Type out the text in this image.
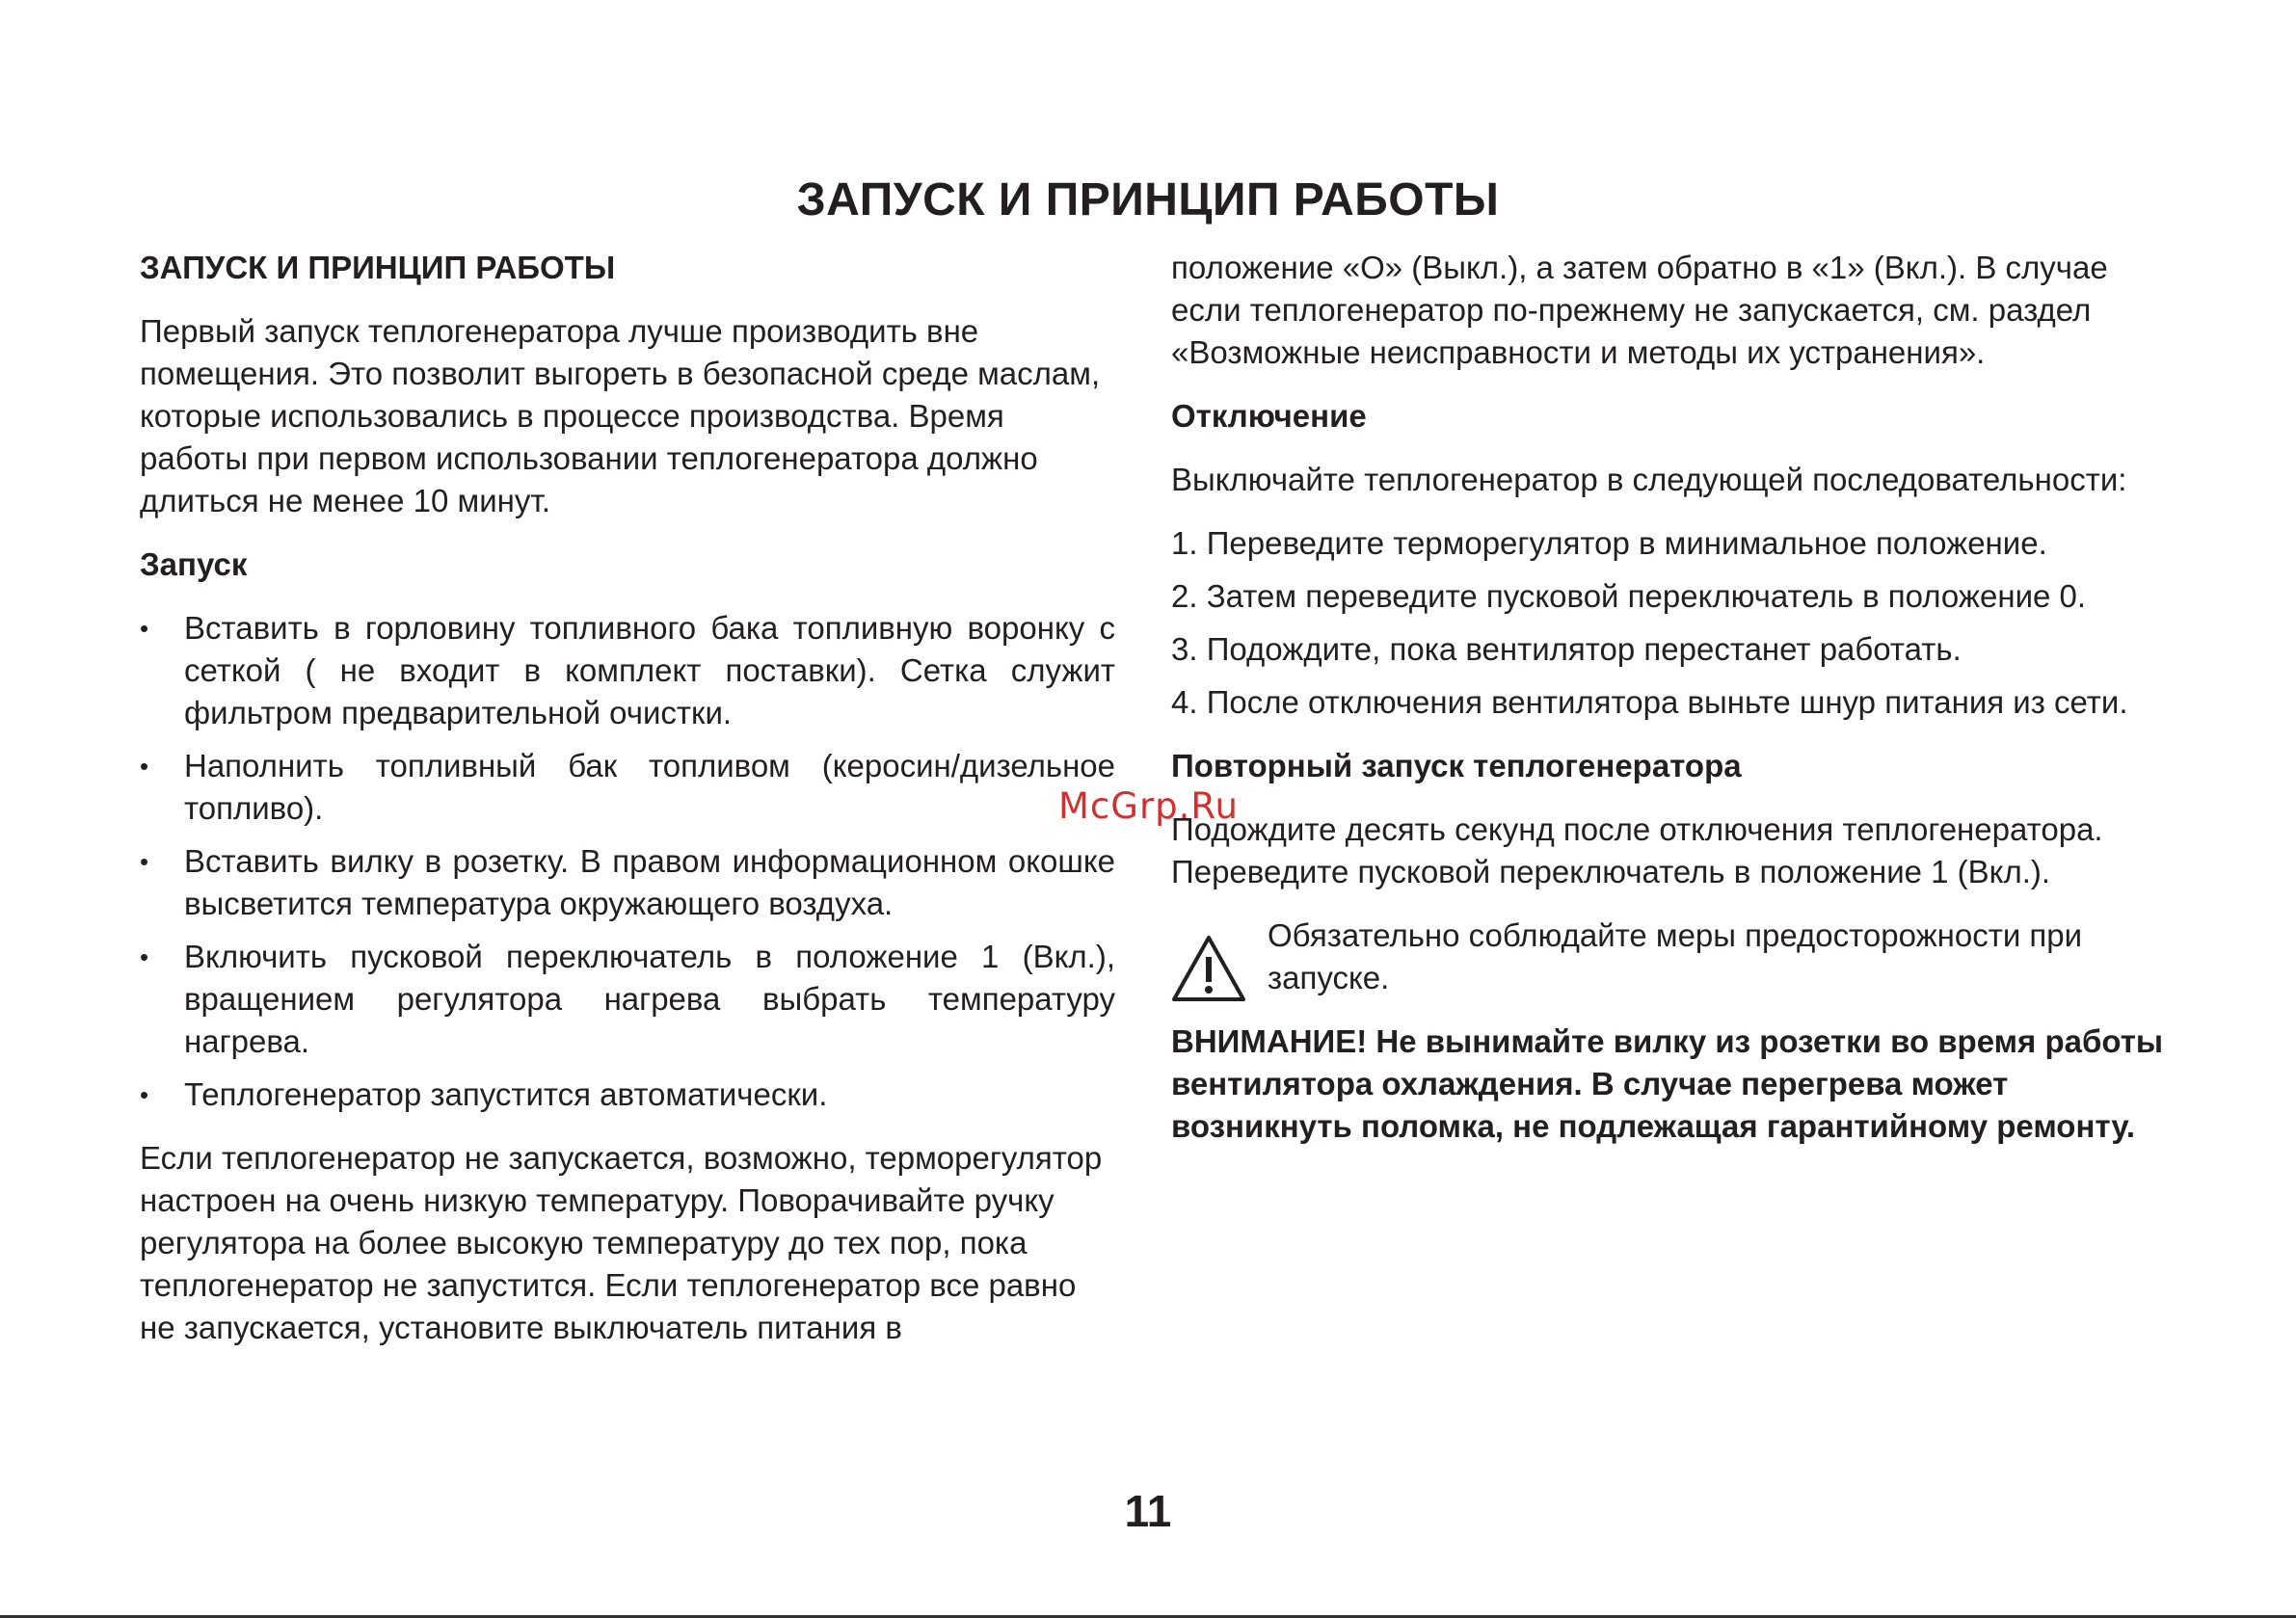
ЗАПУСК И ПРИНЦИП РАБОТЫ
ЗАПУСК И ПРИНЦИП РАБОТЫ

Первый запуск теплогенератора лучше производить вне помещения. Это позволит выгореть в безопасной среде маслам, которые использовались в процессе производства. Время работы при первом использовании теплогенератора должно длиться не менее 10 минут.

Запуск
• Вставить в горловину топливного бака топливную воронку с сеткой ( не входит в комплект поставки). Сетка служит фильтром предварительной очистки.
• Наполнить топливный бак топливом (керосин/дизельное топливо).
• Вставить вилку в розетку. В правом информационном окошке высветится температура окружающего воздуха.
• Включить пусковой переключатель в положение 1 (Вкл.), вращением регулятора нагрева выбрать температуру нагрева.
• Теплогенератор запустится автоматически.

Если теплогенератор не запускается, возможно, терморегулятор настроен на очень низкую температуру. Поворачивайте ручку регулятора на более высокую температуру до тех пор, пока теплогенератор не запустится. Если теплогенератор все равно не запускается, установите выключатель питания в

положение «О» (Выкл.), а затем обратно в «1» (Вкл.). В случае если теплогенератор по-прежнему не запускается, см. раздел «Возможные неисправности и методы их устранения».

Отключение

Выключайте теплогенератор в следующей последовательности:

1. Переведите терморегулятор в минимальное положение.
2. Затем переведите пусковой переключатель в положение 0.
3. Подождите, пока вентилятор перестанет работать.
4. После отключения вентилятора выньте шнур питания из сети.
Повторный запуск теплогенератора

Подождите десять секунд после отключения теплогенератора. Переведите пусковой переключатель в положение 1 (Вкл.).

Обязательно соблюдайте меры предосторожности при запуске.

ВНИМАНИЕ! Не вынимайте вилку из розетки во время работы вентилятора охлаждения. В случае перегрева может возникнуть поломка, не подлежащая гарантийному ремонту.

McGrp.Ru
11
